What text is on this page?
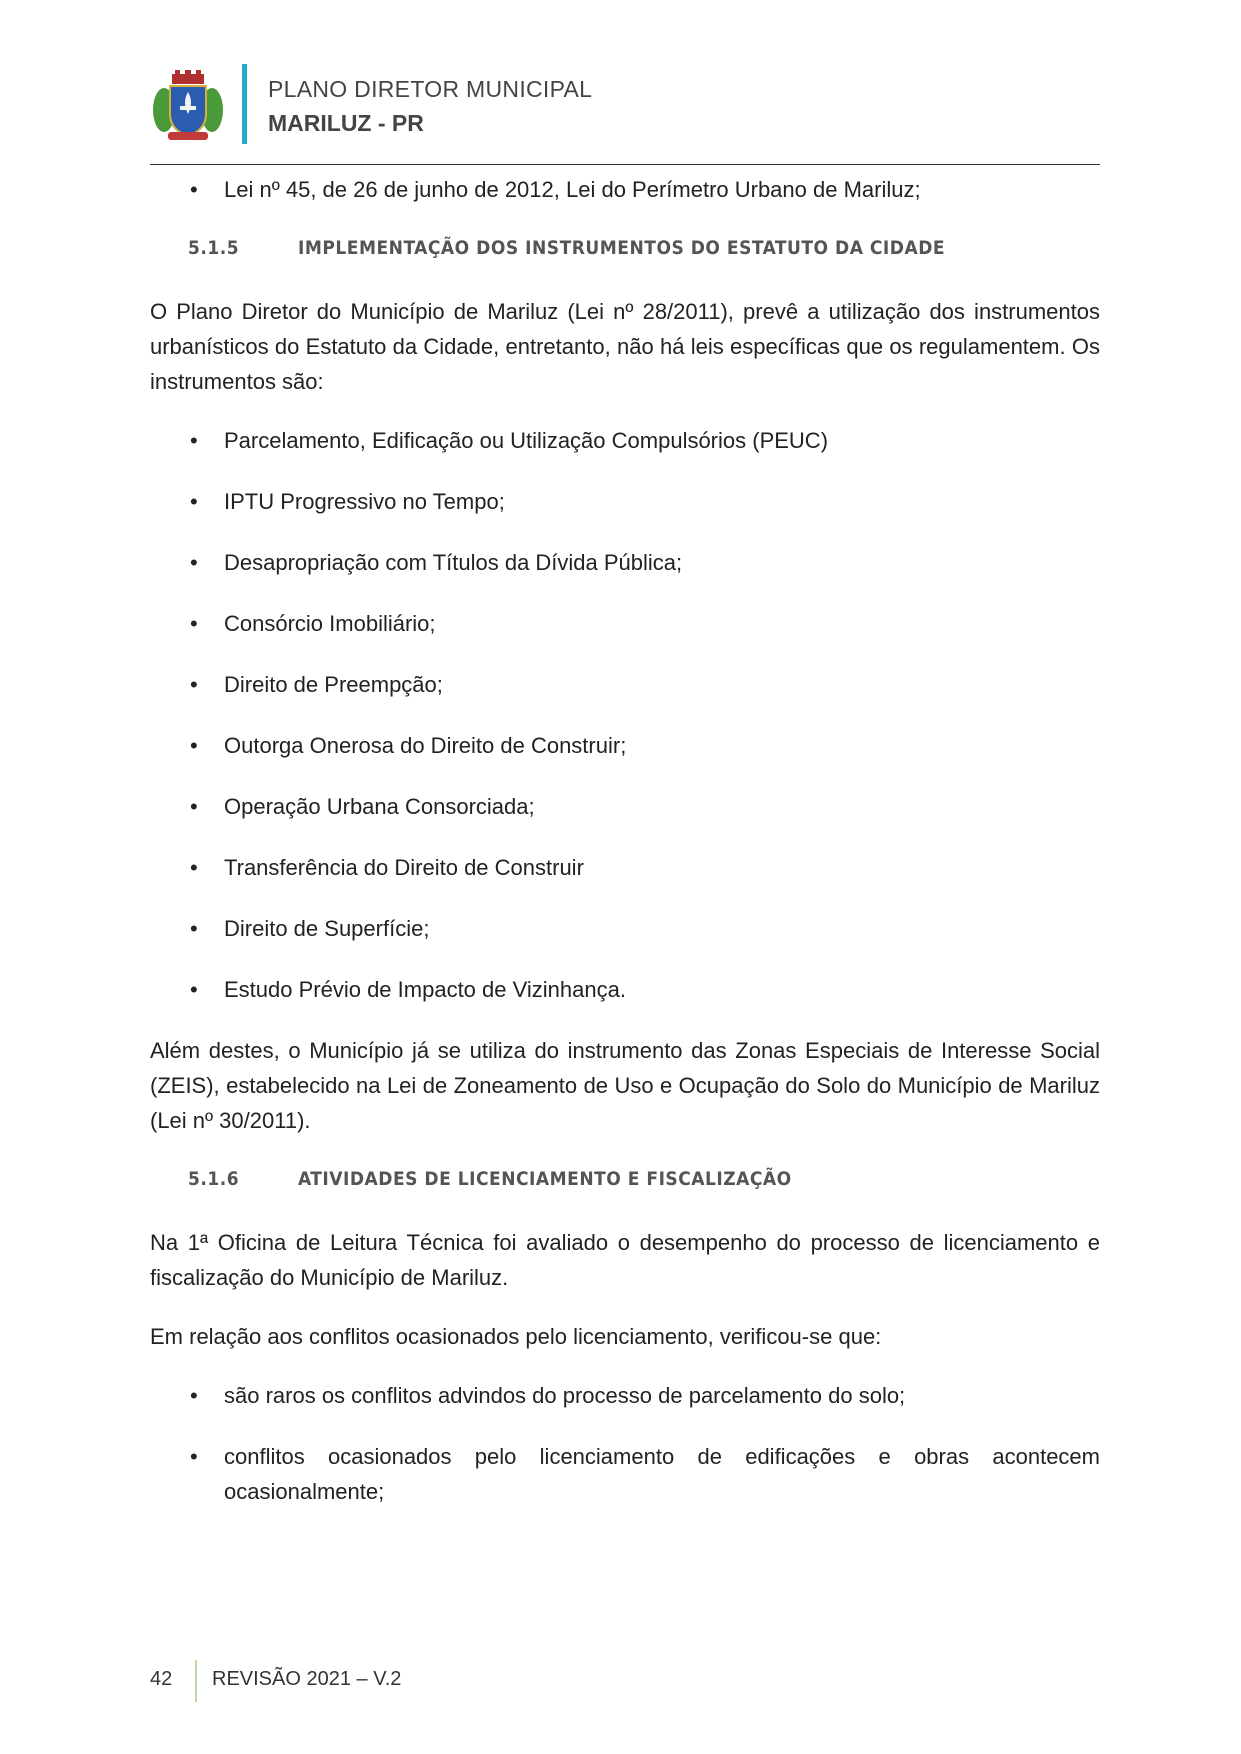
PLANO DIRETOR MUNICIPAL
MARILUZ - PR
• Lei nº 45, de 26 de junho de 2012, Lei do Perímetro Urbano de Mariluz;
5.1.5	IMPLEMENTAÇÃO DOS INSTRUMENTOS DO ESTATUTO DA CIDADE

O Plano Diretor do Município de Mariluz (Lei nº 28/2011), prevê a utilização dos instrumentos urbanísticos do Estatuto da Cidade, entretanto, não há leis específicas que os regulamentem. Os instrumentos são:

• Parcelamento, Edificação ou Utilização Compulsórios (PEUC)
• IPTU Progressivo no Tempo;
• Desapropriação com Títulos da Dívida Pública;
• Consórcio Imobiliário;
• Direito de Preempção;
• Outorga Onerosa do Direito de Construir;
• Operação Urbana Consorciada;
• Transferência do Direito de Construir
• Direito de Superfície;
• Estudo Prévio de Impacto de Vizinhança.

Além destes, o Município já se utiliza do instrumento das Zonas Especiais de Interesse Social (ZEIS), estabelecido na Lei de Zoneamento de Uso e Ocupação do Solo do Município de Mariluz (Lei nº 30/2011).

5.1.6	ATIVIDADES DE LICENCIAMENTO E FISCALIZAÇÃO

Na 1ª Oficina de Leitura Técnica foi avaliado o desempenho do processo de licenciamento e fiscalização do Município de Mariluz.

Em relação aos conflitos ocasionados pelo licenciamento, verificou-se que:

• são raros os conflitos advindos do processo de parcelamento do solo;
• conflitos ocasionados pelo licenciamento de edificações e obras acontecem ocasionalmente;
42 REVISÃO 2021 – V.2
